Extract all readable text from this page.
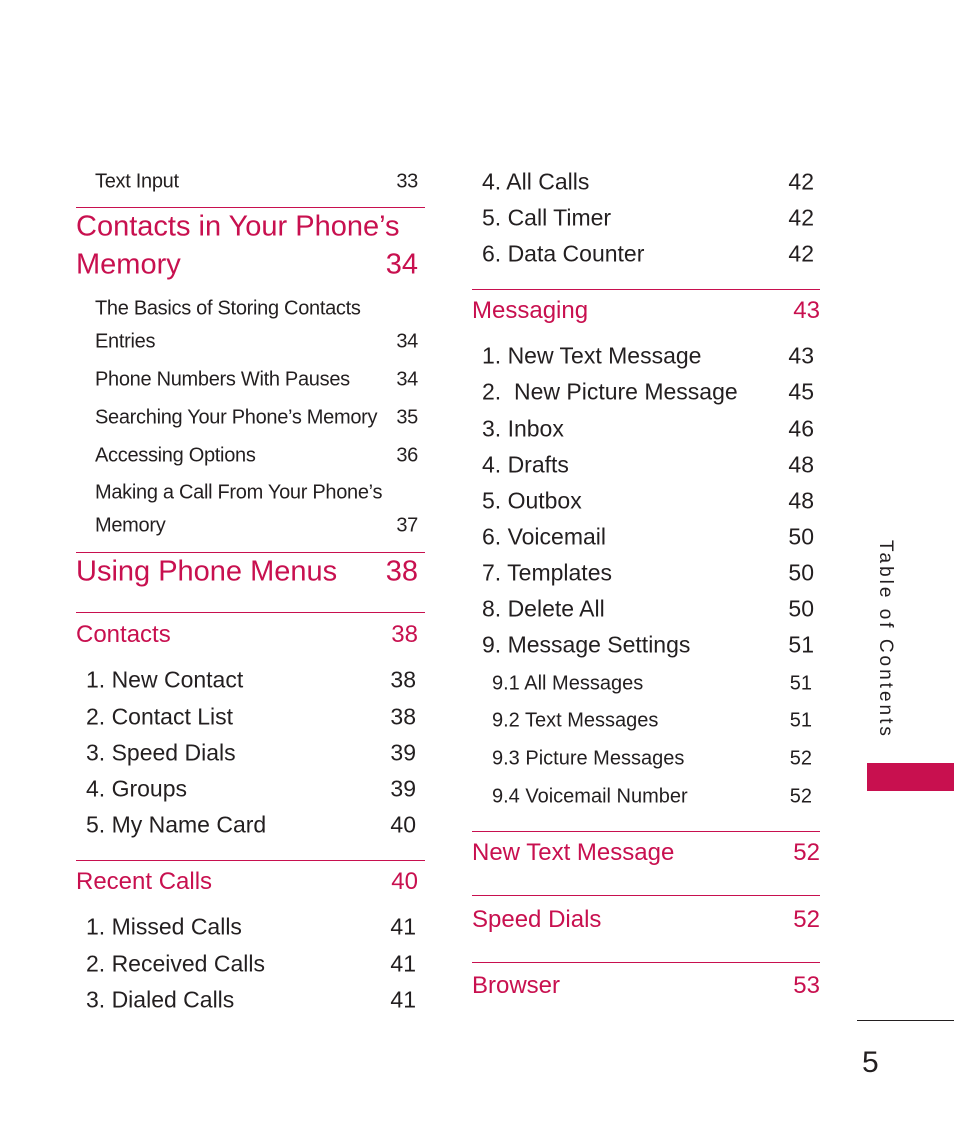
Text Input	33
Contacts in Your Phone’s
Memory	34
The Basics of Storing Contacts
Entries	34
Phone Numbers With Pauses 34
Searching Your Phone’s Memory 35
Accessing Options	36
Making a Call From Your Phone’s
Memory	37
Using Phone Menus 38
Contacts	38
1. New Contact	38
2. Contact List	38
3. Speed Dials	39
4. Groups	39
5. My Name Card	40
Recent Calls	40
1. Missed Calls	41
2. Received Calls	41
3. Dialed Calls	41
4. All Calls	42
5. Call Timer	42
6. Data Counter	42
Messaging	43
1. New Text Message	43
2.  New Picture Message 45
3. Inbox	46
4. Drafts	48
5. Outbox	48
6. Voicemail	50
7. Templates	50
8. Delete All	50
9. Message Settings	51
9.1 All Messages	51
9.2 Text Messages	51
9.3 Picture Messages	52
9.4 Voicemail Number	52
New Text Message	52
Speed Dials	52
Browser	53
Table of Contents
5
